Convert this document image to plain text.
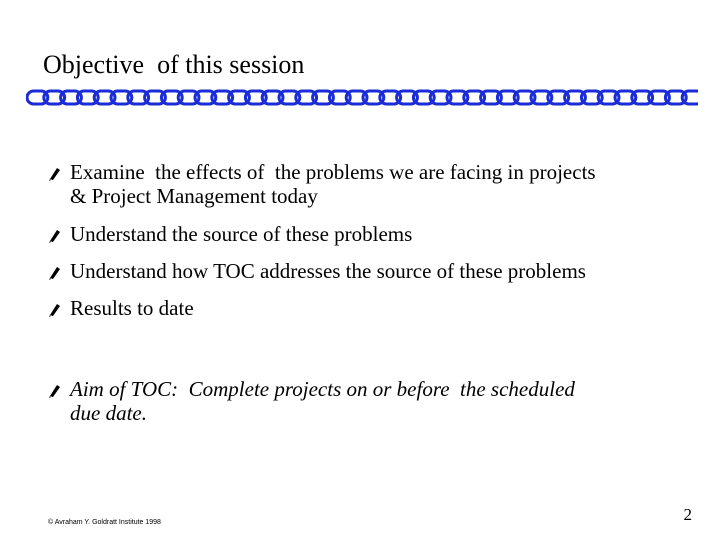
Objective  of this session
Examine  the effects of  the problems we are facing in projects
& Project Management today
Understand the source of these problems
Understand how TOC addresses the source of these problems
Results to date
Aim of TOC:  Complete projects on or before  the scheduled
due date.
© Avraham Y. Goldratt Institute 1998	2
